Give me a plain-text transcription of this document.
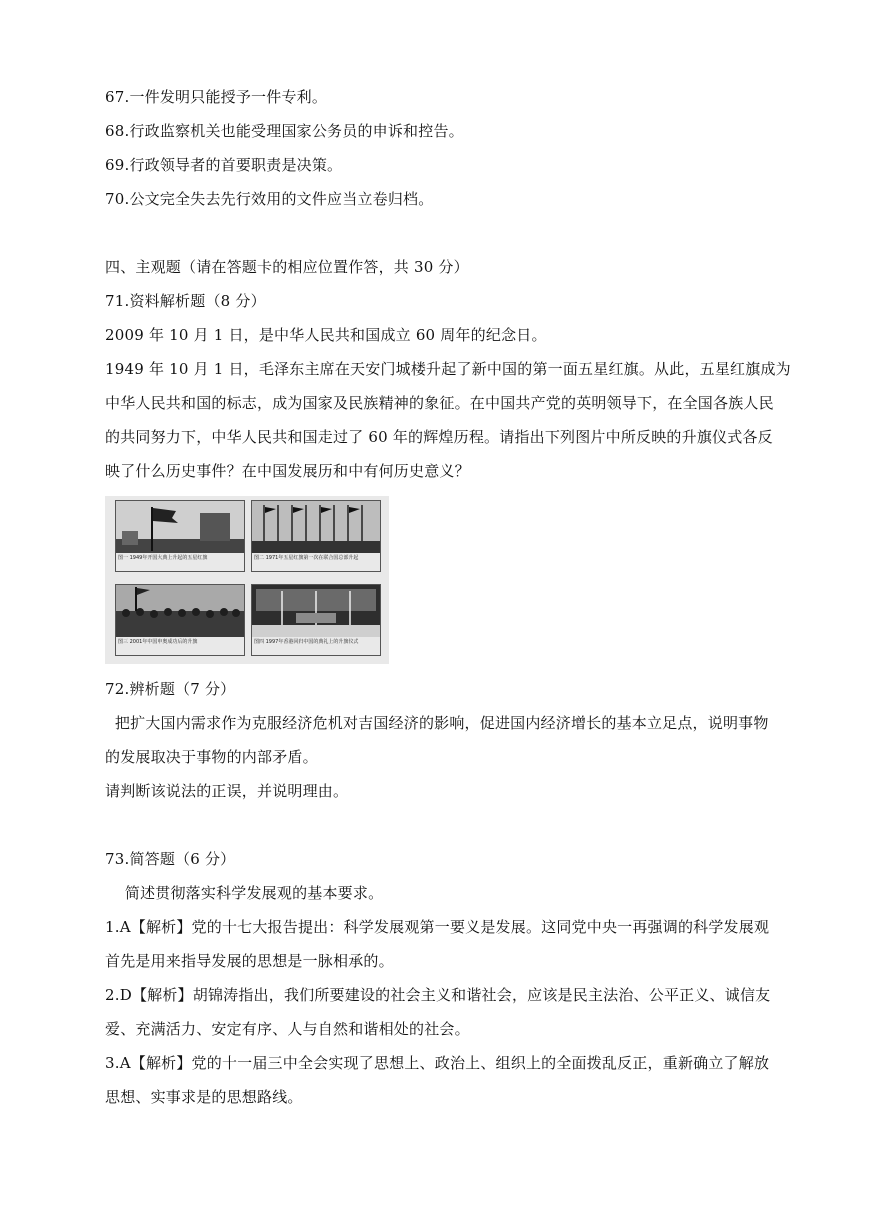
67.一件发明只能授予一件专利。
68.行政监察机关也能受理国家公务员的申诉和控告。
69.行政领导者的首要职责是决策。
70.公文完全失去先行效用的文件应当立卷归档。
四、主观题（请在答题卡的相应位置作答，共 30 分）
71.资料解析题（8 分）
2009 年 10 月 1 日，是中华人民共和国成立 60 周年的纪念日。
1949 年 10 月 1 日，毛泽东主席在天安门城楼升起了新中国的第一面五星红旗。从此，五星红旗成为
中华人民共和国的标志，成为国家及民族精神的象征。在中国共产党的英明领导下，在全国各族人民
的共同努力下，中华人民共和国走过了 60 年的辉煌历程。请指出下列图片中所反映的升旗仪式各反
映了什么历史事件？在中国发展历和中有何历史意义？
图一 1949年开国大典上升起的五星红旗	图二 1971年五星红旗第一次在联合国总部升起
图三 2001年中国申奥成功后的升旗	图四 1997年香港回归中国的典礼上的升旗仪式
72.辨析题（7 分）
把扩大国内需求作为克服经济危机对吉国经济的影响，促进国内经济增长的基本立足点，说明事物
的发展取决于事物的内部矛盾。
请判断该说法的正误，并说明理由。
73.简答题（6 分）
简述贯彻落实科学发展观的基本要求。
1.A【解析】党的十七大报告提出：科学发展观第一要义是发展。这同党中央一再强调的科学发展观
首先是用来指导发展的思想是一脉相承的。
2.D【解析】胡锦涛指出，我们所要建设的社会主义和谐社会，应该是民主法治、公平正义、诚信友
爱、充满活力、安定有序、人与自然和谐相处的社会。
3.A【解析】党的十一届三中全会实现了思想上、政治上、组织上的全面拨乱反正，重新确立了解放
思想、实事求是的思想路线。
